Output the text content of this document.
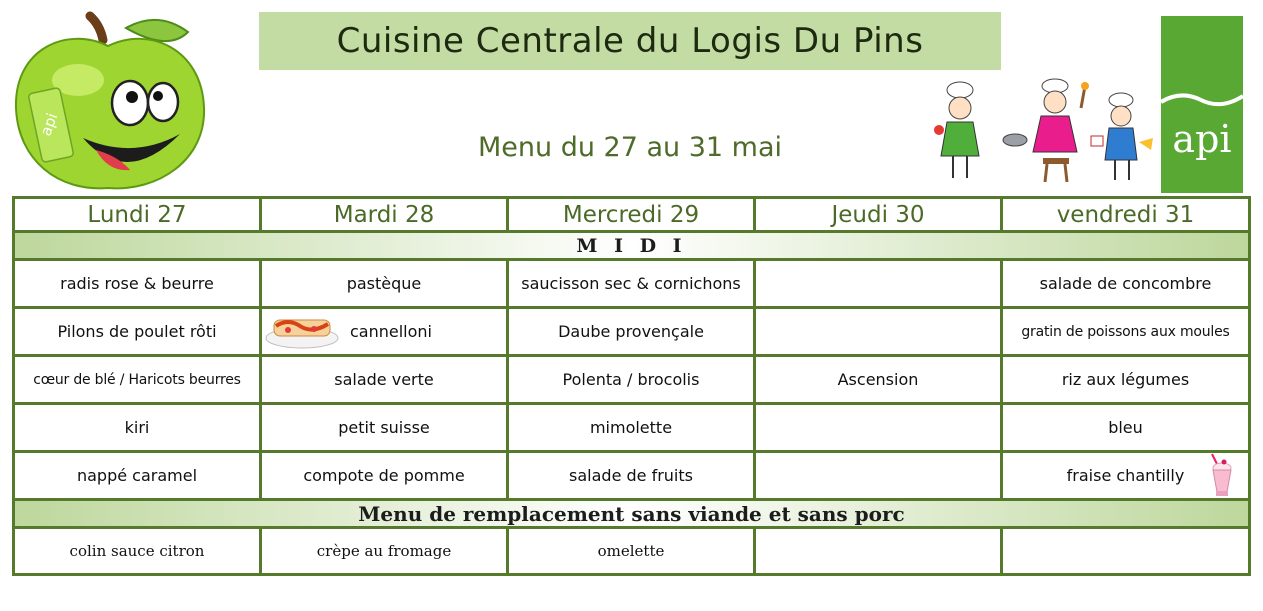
Cuisine Centrale du Logis Du Pins
Menu du 27 au 31 mai
api	api
Lundi 27	Mardi 28	Mercredi 29	Jeudi 30	vendredi 31
M I D I				
radis rose & beurre	pastèque	saucisson sec & cornichons		salade de concombre
Pilons de poulet rôti	cannelloni	Daube provençale		gratin de poissons aux moules
cœur de blé / Haricots beurres	salade verte	Polenta / brocolis	Ascension	riz aux légumes
kiri	petit suisse	mimolette		bleu
nappé caramel	compote de pomme	salade de fruits		fraise chantilly

Menu de remplacement sans viande et sans porc				
colin sauce citron	crèpe au fromage	omelette		
